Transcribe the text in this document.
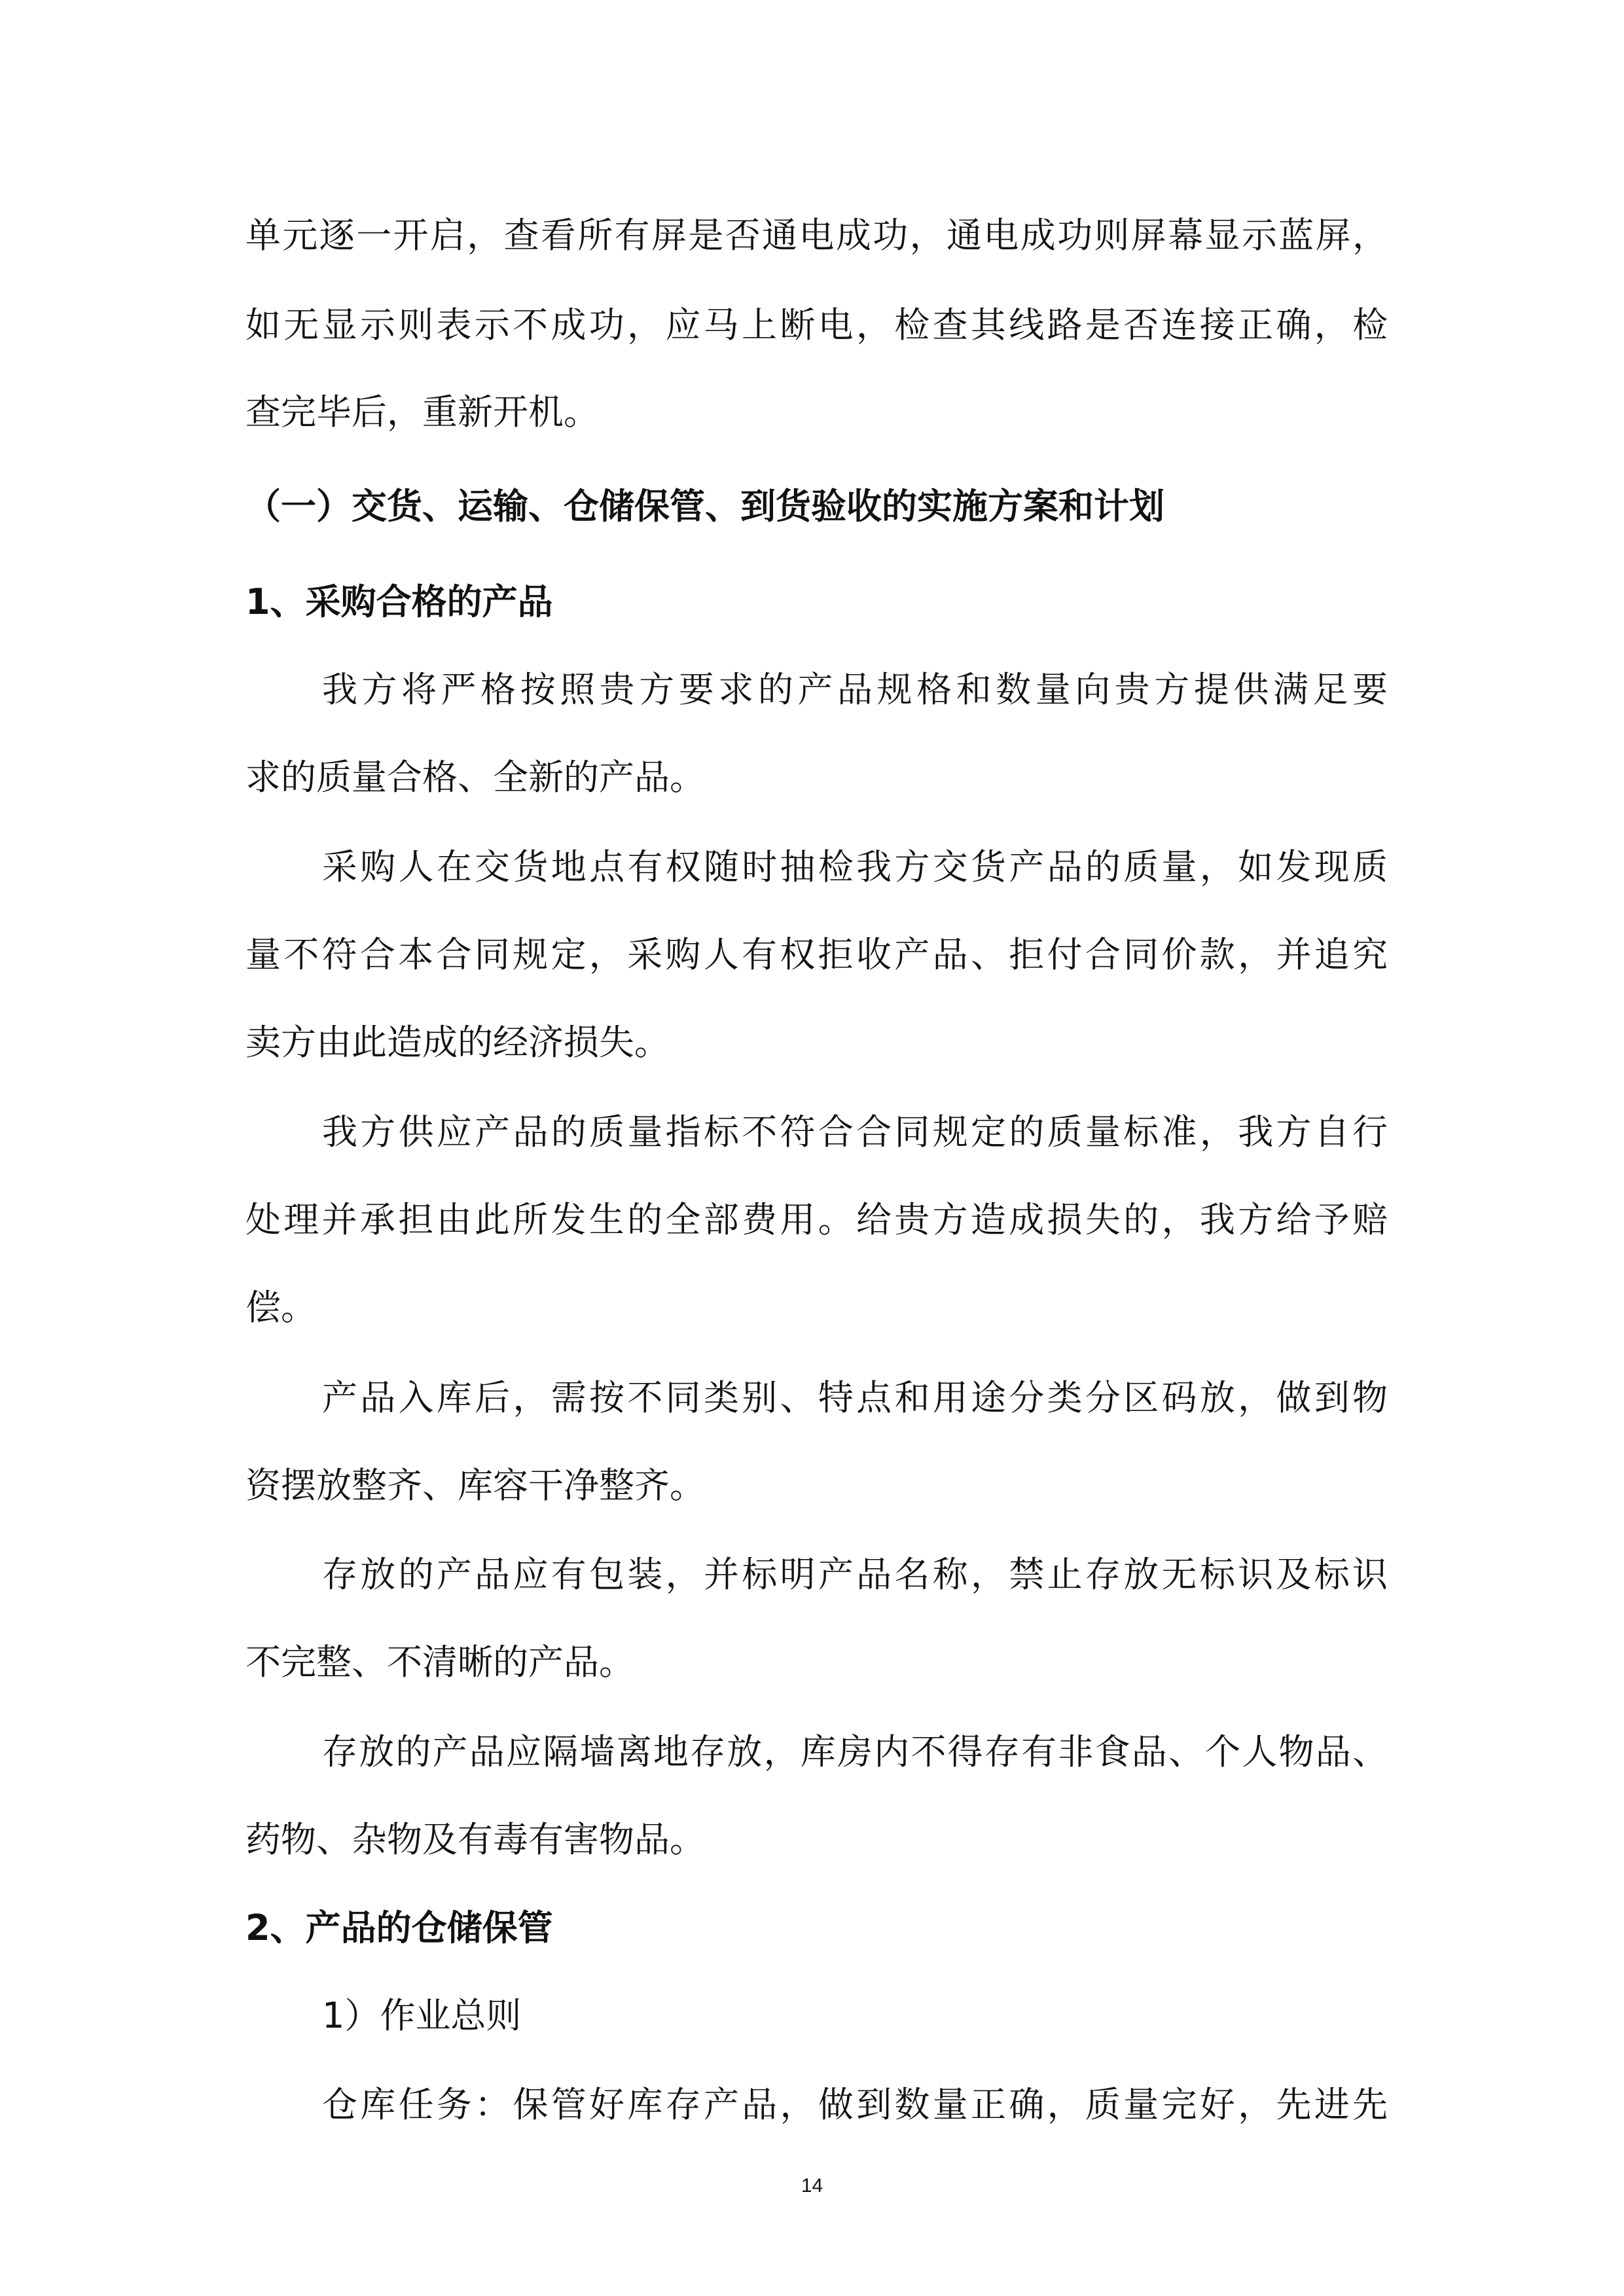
单元逐一开启，查看所有屏是否通电成功，通电成功则屏幕显示蓝屏，
如无显示则表示不成功，应马上断电，检查其线路是否连接正确，检
查完毕后，重新开机。
（一）交货、运输、仓储保管、到货验收的实施方案和计划
1、采购合格的产品
我方将严格按照贵方要求的产品规格和数量向贵方提供满足要
求的质量合格、全新的产品。
采购人在交货地点有权随时抽检我方交货产品的质量，如发现质
量不符合本合同规定，采购人有权拒收产品、拒付合同价款，并追究
卖方由此造成的经济损失。
我方供应产品的质量指标不符合合同规定的质量标准，我方自行
处理并承担由此所发生的全部费用。给贵方造成损失的，我方给予赔
偿。
产品入库后，需按不同类别、特点和用途分类分区码放，做到物
资摆放整齐、库容干净整齐。
存放的产品应有包装，并标明产品名称，禁止存放无标识及标识
不完整、不清晰的产品。
存放的产品应隔墙离地存放，库房内不得存有非食品、个人物品、
药物、杂物及有毒有害物品。
2、产品的仓储保管
1）作业总则
仓库任务：保管好库存产品，做到数量正确，质量完好，先进先
14
